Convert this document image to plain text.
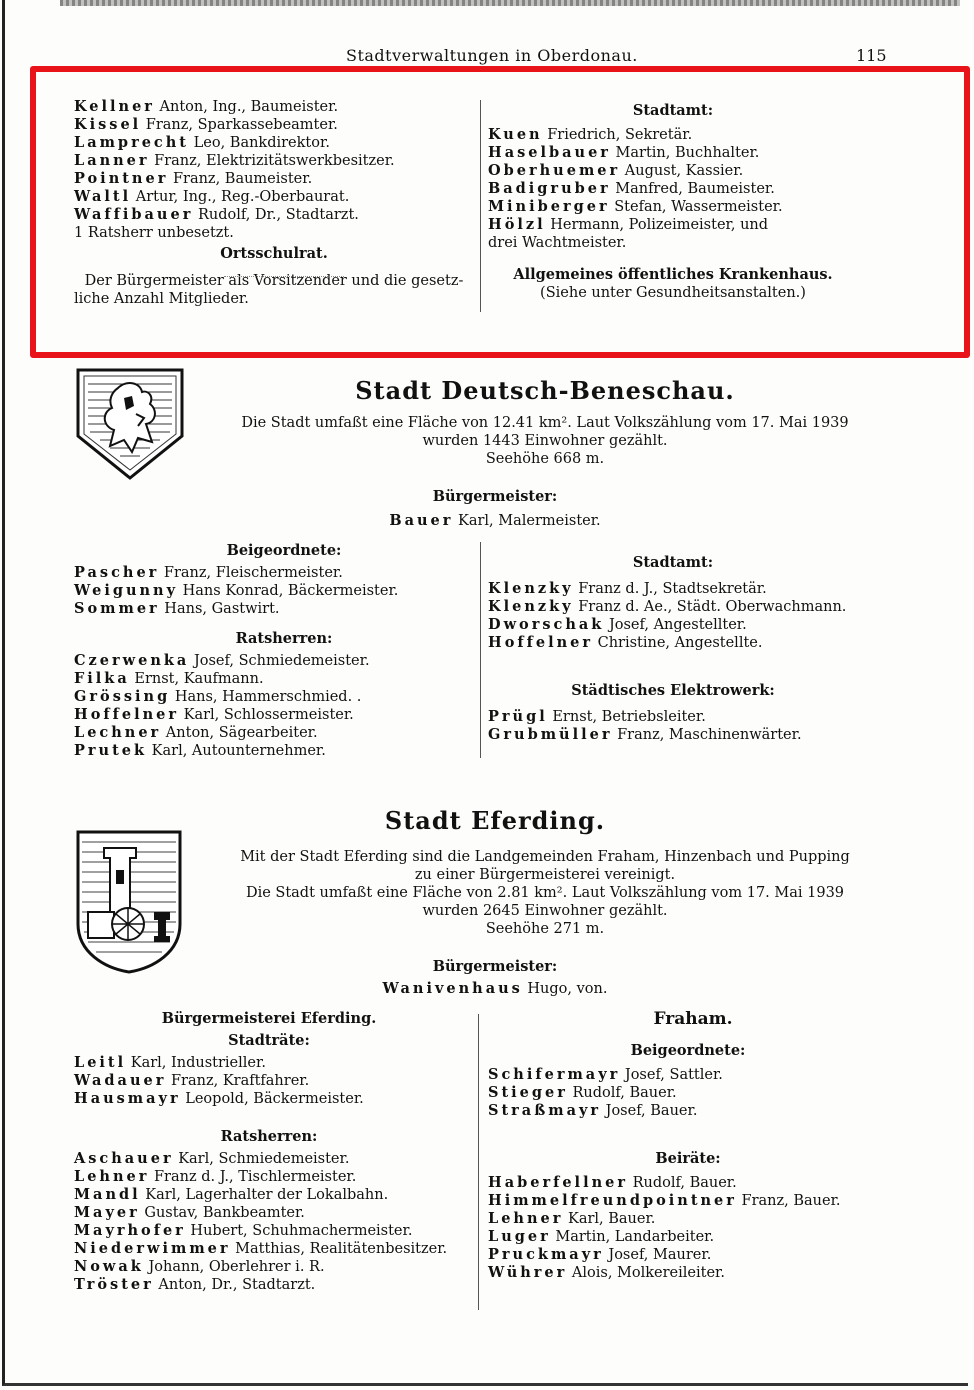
Stadtverwaltungen in Oberdonau.	115
Kellner Anton, Ing., Baumeister.
Kissel Franz, Sparkassebeamter.
Lamprecht Leo, Bankdirektor.
Lanner Franz, Elektrizitätswerkbesitzer.
Pointner Franz, Baumeister.
Waltl Artur, Ing., Reg.-Oberbaurat.
Waffibauer Rudolf, Dr., Stadtarzt.
1 Ratsherr unbesetzt.
Ortsschulrat.
Der Bürgermeister als Vorsitzender und die gesetz-
liche Anzahl Mitglieder.
Stadtamt:
Kuen Friedrich, Sekretär.
Haselbauer Martin, Buchhalter.
Oberhuemer August, Kassier.
Badigruber Manfred, Baumeister.
Miniberger Stefan, Wassermeister.
Hölzl Hermann, Polizeimeister, und
drei Wachtmeister.
Allgemeines öffentliches Krankenhaus.
(Siehe unter Gesundheitsanstalten.)
Stadt Deutsch-Beneschau.
Die Stadt umfaßt eine Fläche von 12.41 km². Laut Volkszählung vom 17. Mai 1939
wurden 1443 Einwohner gezählt.
Seehöhe 668 m.
Bürgermeister:
Bauer Karl, Malermeister.
Beigeordnete:
Pascher Franz, Fleischermeister.
Weigunny Hans Konrad, Bäckermeister.
Sommer Hans, Gastwirt.
Ratsherren:
Czerwenka Josef, Schmiedemeister.
Filka Ernst, Kaufmann.
Grössing Hans, Hammerschmied. .
Hoffelner Karl, Schlossermeister.
Lechner Anton, Sägearbeiter.
Prutek Karl, Autounternehmer.
Stadtamt:
Klenzky Franz d. J., Stadtsekretär.
Klenzky Franz d. Ae., Städt. Oberwachmann.
Dworschak Josef, Angestellter.
Hoffelner Christine, Angestellte.
Städtisches Elektrowerk:
Prügl Ernst, Betriebsleiter.
Grubmüller Franz, Maschinenwärter.
Stadt Eferding.
Mit der Stadt Eferding sind die Landgemeinden Fraham, Hinzenbach und Pupping
zu einer Bürgermeisterei vereinigt.
Die Stadt umfaßt eine Fläche von 2.81 km². Laut Volkszählung vom 17. Mai 1939
wurden 2645 Einwohner gezählt.
Seehöhe 271 m.
Bürgermeister:
Wanivenhaus Hugo, von.
Bürgermeisterei Eferding.
Stadträte:
Leitl Karl, Industrieller.
Wadauer Franz, Kraftfahrer.
Hausmayr Leopold, Bäckermeister.
Ratsherren:
Aschauer Karl, Schmiedemeister.
Lehner Franz d. J., Tischlermeister.
Mandl Karl, Lagerhalter der Lokalbahn.
Mayer Gustav, Bankbeamter.
Mayrhofer Hubert, Schuhmachermeister.
Niederwimmer Matthias, Realitätenbesitzer.
Nowak Johann, Oberlehrer i. R.
Tröster Anton, Dr., Stadtarzt.
Fraham.
Beigeordnete:
Schifermayr Josef, Sattler.
Stieger Rudolf, Bauer.
Straßmayr Josef, Bauer.
Beiräte:
Haberfellner Rudolf, Bauer.
Himmelfreundpointner Franz, Bauer.
Lehner Karl, Bauer.
Luger Martin, Landarbeiter.
Pruckmayr Josef, Maurer.
Wührer Alois, Molkereileiter.
